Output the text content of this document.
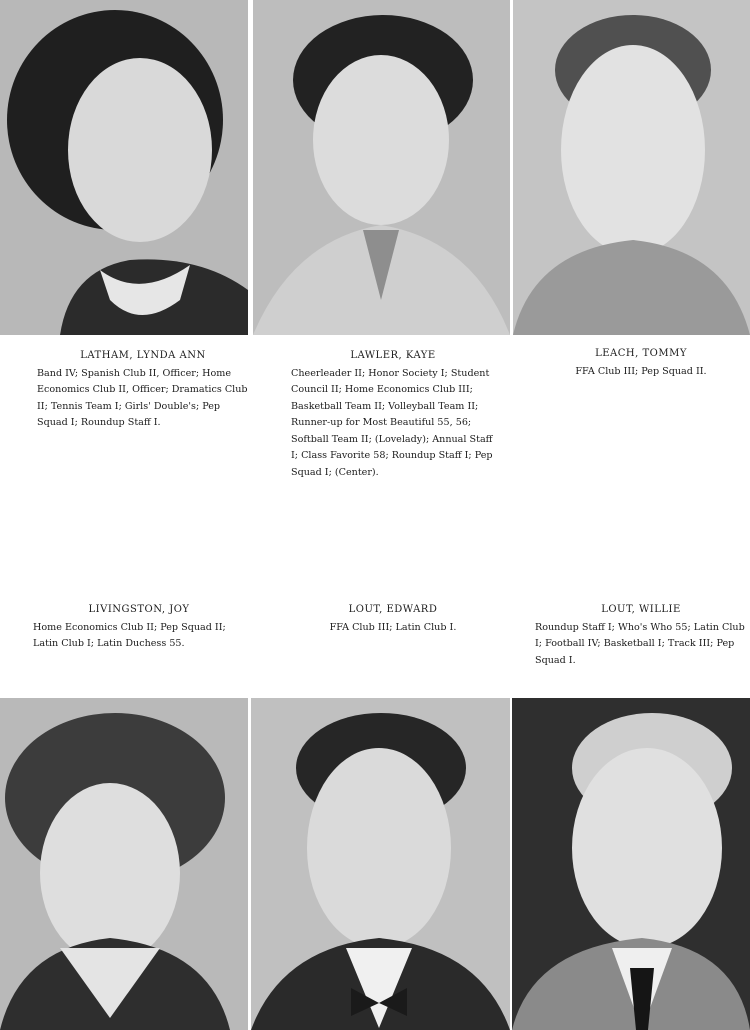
LATHAM, LYNDA ANN
Band IV; Spanish Club II, Officer; Home Economics Club II, Officer; Dramatics Club II; Tennis Team I; Girls' Double's; Pep Squad I; Roundup Staff I.
LAWLER, KAYE
Cheerleader II; Honor Society I; Student Council II; Home Economics Club III; Basketball Team II; Volleyball Team II; Runner-up for Most Beautiful 55, 56; Softball Team II; (Lovelady); Annual Staff I; Class Favorite 58; Roundup Staff I; Pep Squad I; (Center).
LEACH, TOMMY
FFA Club III; Pep Squad II.
LIVINGSTON, JOY
Home Economics Club II; Pep Squad II; Latin Club I; Latin Duchess 55.
LOUT, EDWARD
FFA Club III; Latin Club I.
LOUT, WILLIE
Roundup Staff I; Who's Who 55; Latin Club I; Football IV; Basketball I; Track III; Pep Squad I.
